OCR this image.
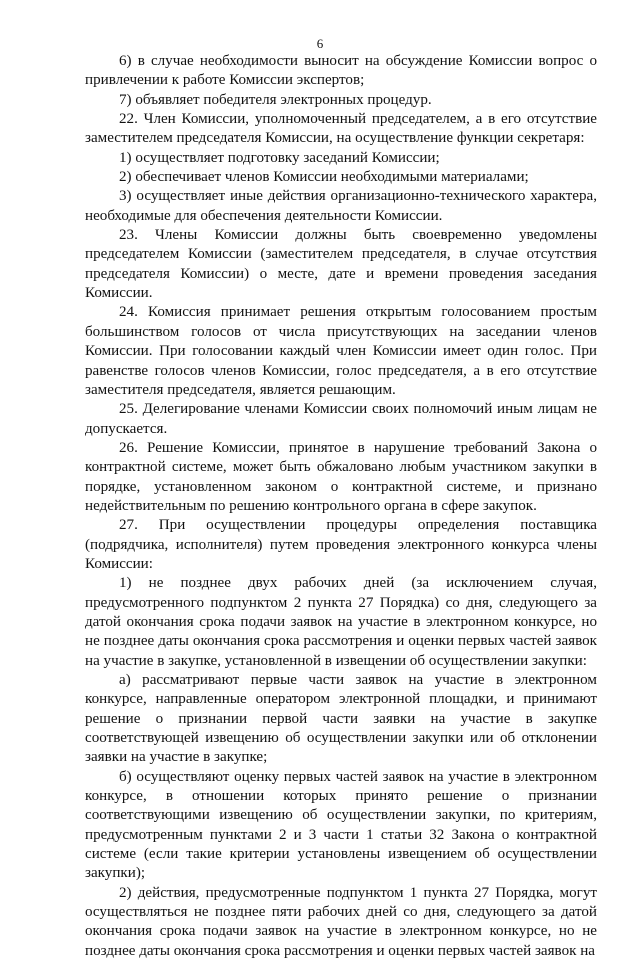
6

6) в случае необходимости выносит на обсуждение Комиссии вопрос о привлечении к работе Комиссии экспертов;

7) объявляет победителя электронных процедур.

22. Член Комиссии, уполномоченный председателем, а в его отсутствие заместителем председателя Комиссии, на осуществление функции секретаря:

1) осуществляет подготовку заседаний Комиссии;

2) обеспечивает членов Комиссии необходимыми материалами;

3) осуществляет иные действия организационно-технического характера, необходимые для обеспечения деятельности Комиссии.

23. Члены Комиссии должны быть своевременно уведомлены председателем Комиссии (заместителем председателя, в случае отсутствия председателя Комиссии) о месте, дате и времени проведения заседания Комиссии.

24. Комиссия принимает решения открытым голосованием простым большинством голосов от числа присутствующих на заседании членов Комиссии. При голосовании каждый член Комиссии имеет один голос. При равенстве голосов членов Комиссии, голос председателя, а в его отсутствие заместителя председателя, является решающим.

25. Делегирование членами Комиссии своих полномочий иным лицам не допускается.

26. Решение Комиссии, принятое в нарушение требований Закона о контрактной системе, может быть обжаловано любым участником закупки в порядке, установленном законом о контрактной системе, и признано недействительным по решению контрольного органа в сфере закупок.

27. При осуществлении процедуры определения поставщика (подрядчика, исполнителя) путем проведения электронного конкурса члены Комиссии:

1) не позднее двух рабочих дней (за исключением случая, предусмотренного подпунктом 2 пункта 27 Порядка) со дня, следующего за датой окончания срока подачи заявок на участие в электронном конкурсе, но не позднее даты окончания срока рассмотрения и оценки первых частей заявок на участие в закупке, установленной в извещении об осуществлении закупки:

а) рассматривают первые части заявок на участие в электронном конкурсе, направленные оператором электронной площадки, и принимают решение о признании первой части заявки на участие в закупке соответствующей извещению об осуществлении закупки или об отклонении заявки на участие в закупке;

б) осуществляют оценку первых частей заявок на участие в электронном конкурсе, в отношении которых принято решение о признании соответствующими извещению об осуществлении закупки, по критериям, предусмотренным пунктами 2 и 3 части 1 статьи 32 Закона о контрактной системе (если такие критерии установлены извещением об осуществлении закупки);

2) действия, предусмотренные подпунктом 1 пункта 27 Порядка, могут осуществляться не позднее пяти рабочих дней со дня, следующего за датой окончания срока подачи заявок на участие в электронном конкурсе, но не позднее даты окончания срока рассмотрения и оценки первых частей заявок на
